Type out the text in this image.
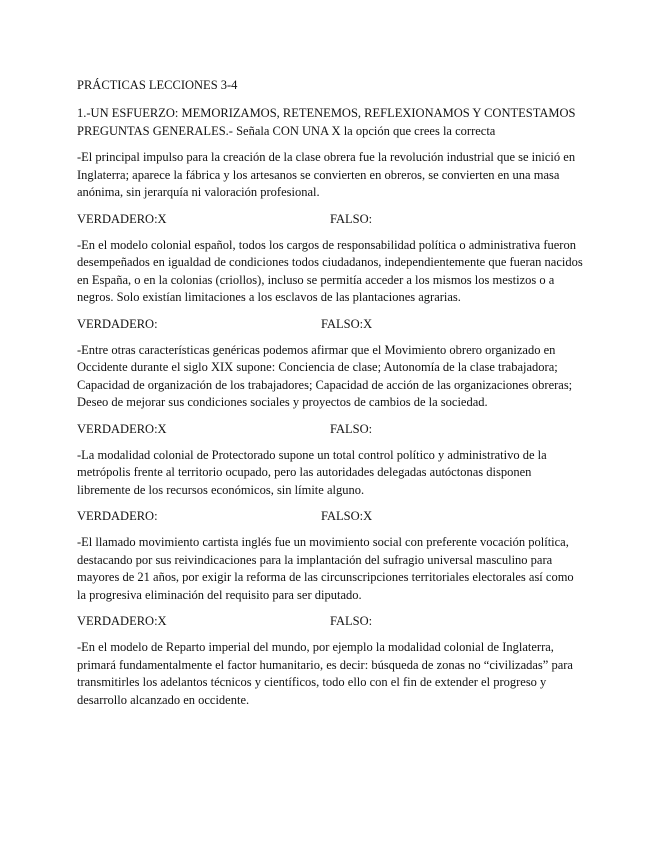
PRÁCTICAS LECCIONES 3-4

1.-UN ESFUERZO: MEMORIZAMOS, RETENEMOS, REFLEXIONAMOS Y CONTESTAMOS PREGUNTAS GENERALES.- Señala CON UNA X la opción que crees la correcta

-El principal impulso para la creación de la clase obrera fue la revolución industrial que se inició en Inglaterra; aparece la fábrica y los artesanos se convierten en obreros, se convierten en una masa anónima, sin jerarquía ni valoración profesional.

VERDADERO:X	FALSO:

-En el modelo colonial español, todos los cargos de responsabilidad política o administrativa fueron desempeñados en igualdad de condiciones todos ciudadanos, independientemente que fueran nacidos en España, o en la colonias (criollos), incluso se permitía acceder a los mismos los mestizos o a negros. Solo existían limitaciones a los esclavos de las plantaciones agrarias.

VERDADERO:	FALSO:X

-Entre otras características genéricas podemos afirmar que el Movimiento obrero organizado en Occidente durante el siglo XIX supone: Conciencia de clase; Autonomía de la clase trabajadora; Capacidad de organización de los trabajadores; Capacidad de acción de las organizaciones obreras; Deseo de mejorar sus condiciones sociales y proyectos de cambios de la sociedad.

VERDADERO:X	FALSO:

-La modalidad colonial de Protectorado supone un total control político y administrativo de la metrópolis frente al territorio ocupado, pero las autoridades delegadas autóctonas disponen libremente de los recursos económicos, sin límite alguno.

VERDADERO:	FALSO:X

-El llamado movimiento cartista inglés fue un movimiento social con preferente vocación política, destacando por sus reivindicaciones para la implantación del sufragio universal masculino para mayores de 21 años, por exigir la reforma de las circunscripciones territoriales electorales así como la progresiva eliminación del requisito para ser diputado.

VERDADERO:X	FALSO:

-En el modelo de Reparto imperial del mundo, por ejemplo la modalidad colonial de Inglaterra, primará fundamentalmente el factor humanitario, es decir: búsqueda de zonas no “civilizadas” para transmitirles los adelantos técnicos y científicos, todo ello con el fin de extender el progreso y desarrollo alcanzado en occidente.
